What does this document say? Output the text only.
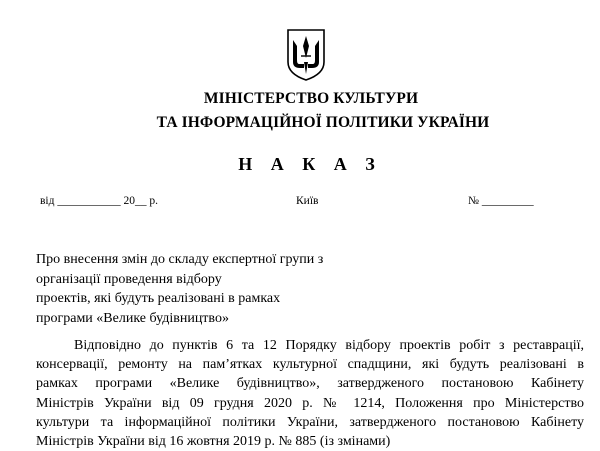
МІНІСТЕРСТВО КУЛЬТУРИ
ТА ІНФОРМАЦІЙНОЇ ПОЛІТИКИ УКРАЇНИ
Н А К А З
від ___________ 20__ р.	Київ	№ _________
Про внесення змін до складу експертної групи з
організації проведення відбору
проектів, які будуть реалізовані в рамках
програми «Велике будівництво»
Відповідно до пунктів 6 та 12 Порядку відбору проектів робіт з реставрації,
консервації, ремонту на пам’ятках культурної спадщини, які будуть реалізовані в
рамках програми «Велике будівництво», затвердженого постановою Кабінету
Міністрів України від 09 грудня 2020 р. № 1214, Положення про Міністерство
культури та інформаційної політики України, затвердженого постановою Кабінету
Міністрів України від 16 жовтня 2019 р. № 885 (із змінами)
